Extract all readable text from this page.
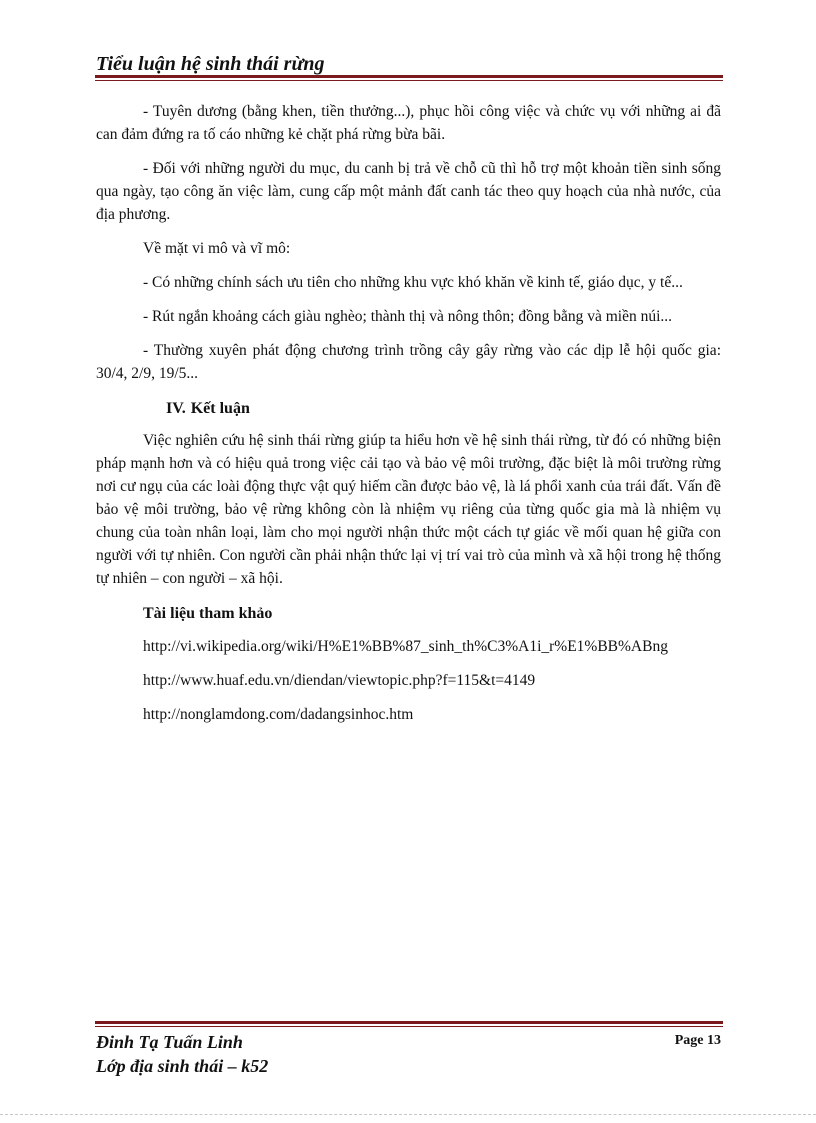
Tiểu luận hệ sinh thái rừng

- Tuyên dương (bằng khen, tiền thưởng...), phục hồi công việc và chức vụ với những ai đã can đảm đứng ra tố cáo những kẻ chặt phá rừng bừa bãi.

- Đối với những người du mục, du canh bị trả về chỗ cũ thì hỗ trợ một khoản tiền sinh sống qua ngày, tạo công ăn việc làm, cung cấp một mảnh đất canh tác theo quy hoạch của nhà nước, của địa phương.

Về mặt vi mô và vĩ mô:

- Có những chính sách ưu tiên cho những khu vực khó khăn về kinh tế, giáo dục, y tế...

- Rút ngắn khoảng cách giàu nghèo; thành thị và nông thôn; đồng bằng và miền núi...

- Thường xuyên phát động chương trình trồng cây gây rừng vào các dịp lễ hội quốc gia: 30/4, 2/9, 19/5...

IV. Kết luận

Việc nghiên cứu hệ sinh thái rừng giúp ta hiểu hơn về hệ sinh thái rừng, từ đó có những biện pháp mạnh hơn và có hiệu quả trong việc cải tạo và bảo vệ môi trường, đặc biệt là môi trường rừng nơi cư ngụ của các loài động thực vật quý hiếm cần được bảo vệ, là lá phổi xanh của trái đất. Vấn đề bảo vệ môi trường, bảo vệ rừng không còn là nhiệm vụ riêng của từng quốc gia mà là nhiệm vụ chung của toàn nhân loại, làm cho mọi người nhận thức một cách tự giác về mối quan hệ giữa con người với tự nhiên. Con người cần phải nhận thức lại vị trí vai trò của mình và xã hội trong hệ thống tự nhiên – con người – xã hội.

Tài liệu tham khảo

http://vi.wikipedia.org/wiki/H%E1%BB%87_sinh_th%C3%A1i_r%E1%BB%ABng

http://www.huaf.edu.vn/diendan/viewtopic.php?f=115&t=4149

http://nonglamdong.com/dadangsinhoc.htm

Đinh Tạ Tuấn Linh
Lớp địa sinh thái – k52
Page 13
